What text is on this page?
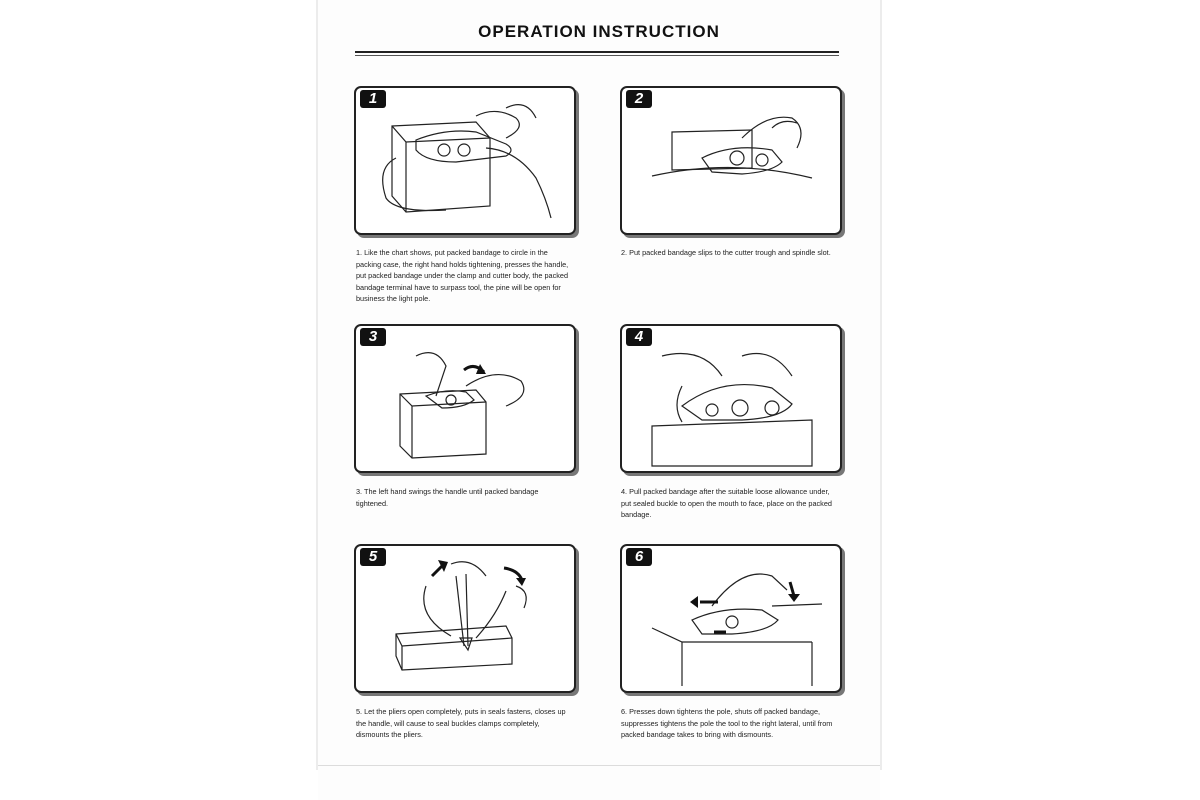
OPERATION INSTRUCTION
1
1. Like the chart shows, put packed bandage to circle in the packing case, the right hand holds tightening, presses the handle, put packed bandage under the clamp and cutter body, the packed bandage terminal have to surpass tool, the pine will be open for business the light pole.
2
2. Put packed bandage slips to the cutter trough and spindle slot.
3
3. The left hand swings the handle until packed bandage tightened.
4
4. Pull packed bandage after the suitable loose allowance under, put sealed buckle to open the mouth to face, place on the packed bandage.
5
5. Let the pliers open completely, puts in seals fastens, closes up the handle, will cause to seal buckles clamps completely, dismounts the pliers.
6
6. Presses down tightens the pole, shuts off packed bandage, suppresses tightens the pole the tool to the right lateral, until from packed bandage takes to bring with dismounts.
